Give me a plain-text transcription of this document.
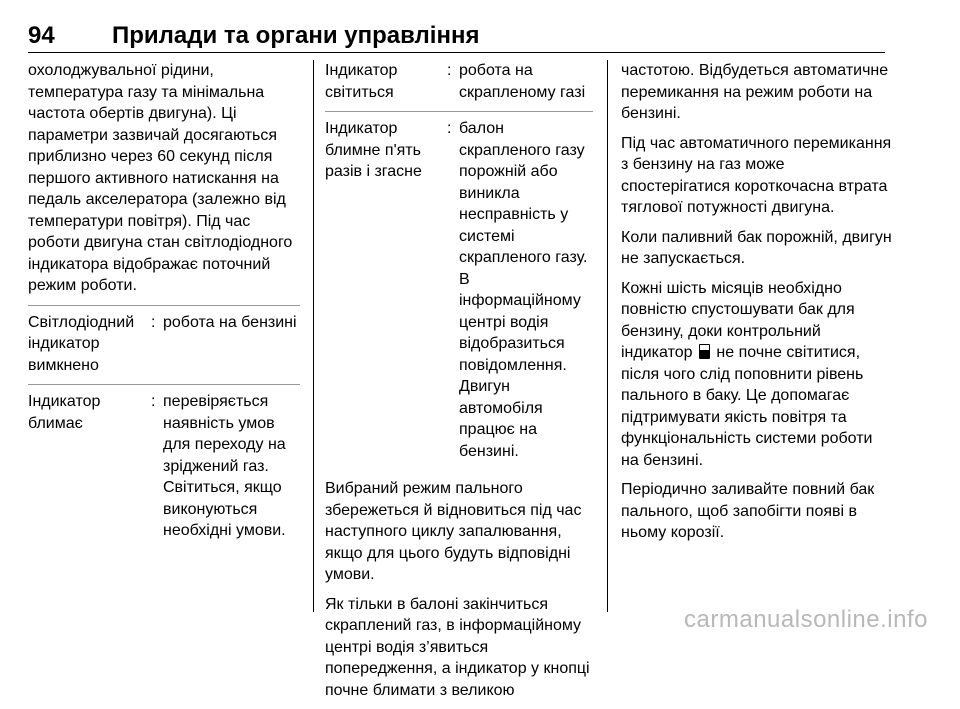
94 Прилади та органи управління

охолоджувальної рідини, температура газу та мінімальна частота обертів двигуна). Ці параметри зазвичай досягаються приблизно через 60 секунд після першого активного натискання на педаль акселератора (залежно від температури повітря). Під час роботи двигуна стан світлодіодного індикатора відображає поточний режим роботи.

Світлодіодний індикатор вимкнено
: робота на бензині
Індикатор блимає
: перевіряється наявність умов для переходу на зріджений газ. Світиться, якщо виконуються необхідні умови.
Індикатор світиться
: робота на скрапленому газі
Індикатор блимне п'ять разів і згасне
: балон скрапленого газу порожній або виникла несправність у системі скрапленого газу. В інформаційному центрі водія відобразиться повідомлення. Двигун автомобіля працює на бензині.

Вибраний режим пального збережеться й відновиться під час наступного циклу запалювання, якщо для цього будуть відповідні умови.

Як тільки в балоні закінчиться скраплений газ, в інформаційному центрі водія з’явиться попередження, а індикатор у кнопці почне блимати з великою

частотою. Відбудеться автоматичне перемикання на режим роботи на бензині.

Під час автоматичного перемикання з бензину на газ може спостерігатися короткочасна втрата тяглової потужності двигуна.

Коли паливний бак порожній, двигун не запускається.

Кожні шість місяців необхідно повністю спустошувати бак для бензину, доки контрольний індикатор не почне світитися, після чого слід поповнити рівень пального в баку. Це допомагає підтримувати якість повітря та функціональність системи роботи на бензині.

Періодично заливайте повний бак пального, щоб запобігти появі в ньому корозії.

carmanualsonline.info
